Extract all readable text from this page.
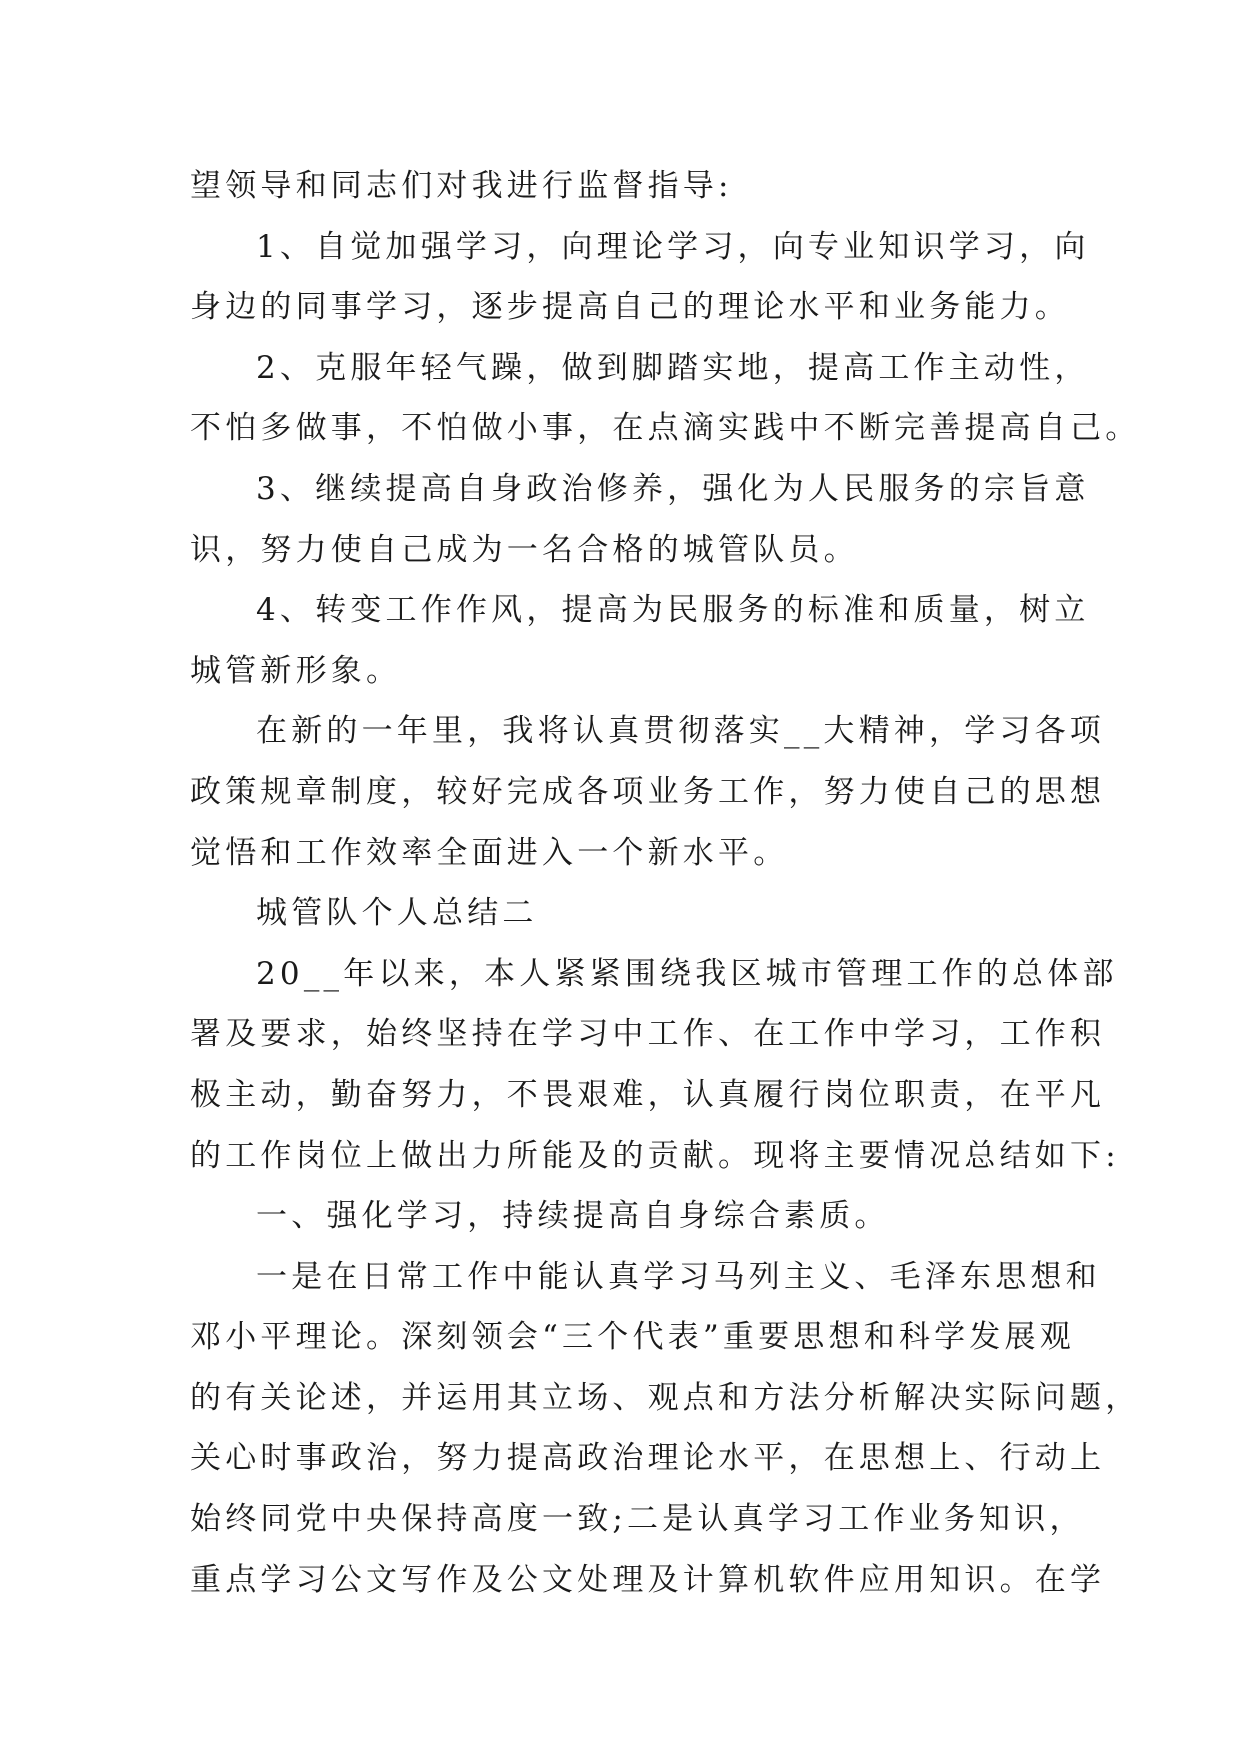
望领导和同志们对我进行监督指导:
1、自觉加强学习，向理论学习，向专业知识学习，向
身边的同事学习，逐步提高自己的理论水平和业务能力。
2、克服年轻气躁，做到脚踏实地，提高工作主动性，
不怕多做事，不怕做小事，在点滴实践中不断完善提高自己。
3、继续提高自身政治修养，强化为人民服务的宗旨意
识，努力使自己成为一名合格的城管队员。
4、转变工作作风，提高为民服务的标准和质量，树立
城管新形象。
在新的一年里，我将认真贯彻落实__大精神，学习各项
政策规章制度，较好完成各项业务工作，努力使自己的思想
觉悟和工作效率全面进入一个新水平。
城管队个人总结二
20__年以来，本人紧紧围绕我区城市管理工作的总体部
署及要求，始终坚持在学习中工作、在工作中学习，工作积
极主动，勤奋努力，不畏艰难，认真履行岗位职责，在平凡
的工作岗位上做出力所能及的贡献。现将主要情况总结如下:
一、强化学习，持续提高自身综合素质。
一是在日常工作中能认真学习马列主义、毛泽东思想和
邓小平理论。深刻领会“三个代表”重要思想和科学发展观
的有关论述，并运用其立场、观点和方法分析解决实际问题，
关心时事政治，努力提高政治理论水平，在思想上、行动上
始终同党中央保持高度一致;二是认真学习工作业务知识，
重点学习公文写作及公文处理及计算机软件应用知识。在学
